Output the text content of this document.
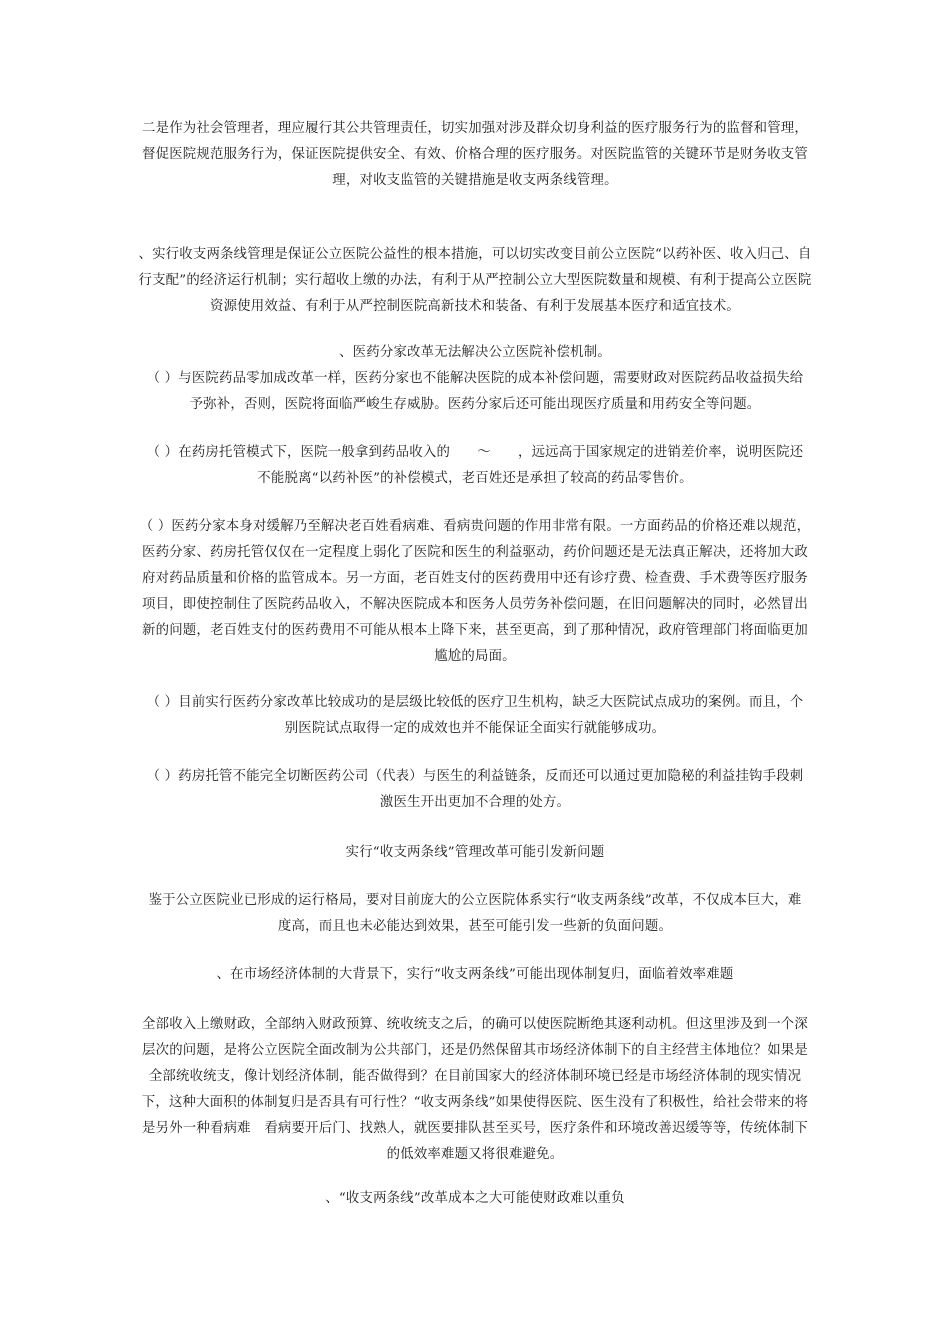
二是作为社会管理者，理应履行其公共管理责任，切实加强对涉及群众切身利益的医疗服务行为的监督和管理，督促医院规范服务行为，保证医院提供安全、有效、价格合理的医疗服务。对医院监管的关键环节是财务收支管理，对收支监管的关键措施是收支两条线管理。

、实行收支两条线管理是保证公立医院公益性的根本措施，可以切实改变目前公立医院“以药补医、收入归己、自行支配”的经济运行机制；实行超收上缴的办法，有利于从严控制公立大型医院数量和规模、有利于提高公立医院资源使用效益、有利于从严控制医院高新技术和装备、有利于发展基本医疗和适宜技术。

、医药分家改革无法解决公立医院补偿机制。

（ ）与医院药品零加成改革一样，医药分家也不能解决医院的成本补偿问题，需要财政对医院药品收益损失给予弥补，否则，医院将面临严峻生存威胁。医药分家后还可能出现医疗质量和用药安全等问题。

（ ）在药房托管模式下，医院一般拿到药品收入的　　～　　，远远高于国家规定的进销差价率，说明医院还不能脱离“以药补医”的补偿模式，老百姓还是承担了较高的药品零售价。

（ ）医药分家本身对缓解乃至解决老百姓看病难、看病贵问题的作用非常有限。一方面药品的价格还难以规范，医药分家、药房托管仅仅在一定程度上弱化了医院和医生的利益驱动，药价问题还是无法真正解决，还将加大政府对药品质量和价格的监管成本。另一方面，老百姓支付的医药费用中还有诊疗费、检查费、手术费等医疗服务项目，即使控制住了医院药品收入，不解决医院成本和医务人员劳务补偿问题，在旧问题解决的同时，必然冒出新的问题，老百姓支付的医药费用不可能从根本上降下来，甚至更高，到了那种情况，政府管理部门将面临更加尴尬的局面。

（ ）目前实行医药分家改革比较成功的是层级比较低的医疗卫生机构，缺乏大医院试点成功的案例。而且，个别医院试点取得一定的成效也并不能保证全面实行就能够成功。

（ ）药房托管不能完全切断医药公司（代表）与医生的利益链条，反而还可以通过更加隐秘的利益挂钩手段刺激医生开出更加不合理的处方。

实行“收支两条线”管理改革可能引发新问题

鉴于公立医院业已形成的运行格局，要对目前庞大的公立医院体系实行“收支两条线”改革，不仅成本巨大，难度高，而且也未必能达到效果，甚至可能引发一些新的负面问题。

、在市场经济体制的大背景下，实行“收支两条线”可能出现体制复归，面临着效率难题

全部收入上缴财政，全部纳入财政预算、统收统支之后，的确可以使医院断绝其逐利动机。但这里涉及到一个深层次的问题，是将公立医院全面改制为公共部门，还是仍然保留其市场经济体制下的自主经营主体地位？如果是全部统收统支，像计划经济体制，能否做得到？在目前国家大的经济体制环境已经是市场经济体制的现实情况下，这种大面积的体制复归是否具有可行性？“收支两条线”如果使得医院、医生没有了积极性，给社会带来的将是另外一种看病难　看病要开后门、找熟人，就医要排队甚至买号，医疗条件和环境改善迟缓等等，传统体制下的低效率难题又将很难避免。

、“收支两条线”改革成本之大可能使财政难以重负
